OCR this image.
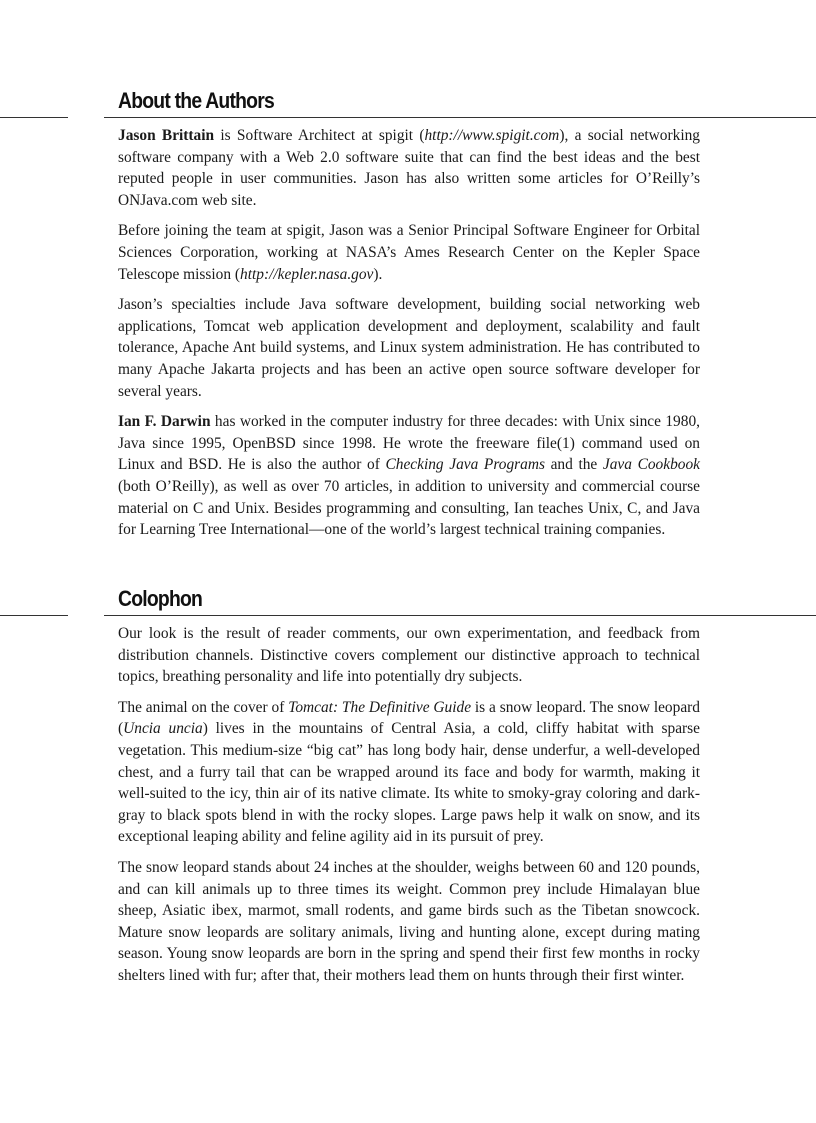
About the Authors

Jason Brittain is Software Architect at spigit (http://www.spigit.com), a social networking software company with a Web 2.0 software suite that can find the best ideas and the best reputed people in user communities. Jason has also written some articles for O’Reilly’s ONJava.com web site.

Before joining the team at spigit, Jason was a Senior Principal Software Engineer for Orbital Sciences Corporation, working at NASA’s Ames Research Center on the Kepler Space Telescope mission (http://kepler.nasa.gov).

Jason’s specialties include Java software development, building social networking web applications, Tomcat web application development and deployment, scalability and fault tolerance, Apache Ant build systems, and Linux system administration. He has contributed to many Apache Jakarta projects and has been an active open source software developer for several years.

Ian F. Darwin has worked in the computer industry for three decades: with Unix since 1980, Java since 1995, OpenBSD since 1998. He wrote the freeware file(1) command used on Linux and BSD. He is also the author of Checking Java Programs and the Java Cookbook (both O’Reilly), as well as over 70 articles, in addition to university and commercial course material on C and Unix. Besides programming and consulting, Ian teaches Unix, C, and Java for Learning Tree International—one of the world’s largest technical training companies.

Colophon

Our look is the result of reader comments, our own experimentation, and feedback from distribution channels. Distinctive covers complement our distinctive approach to technical topics, breathing personality and life into potentially dry subjects.

The animal on the cover of Tomcat: The Definitive Guide is a snow leopard. The snow leopard (Uncia uncia) lives in the mountains of Central Asia, a cold, cliffy habitat with sparse vegetation. This medium-size “big cat” has long body hair, dense underfur, a well-developed chest, and a furry tail that can be wrapped around its face and body for warmth, making it well-suited to the icy, thin air of its native climate. Its white to smoky-gray coloring and dark-gray to black spots blend in with the rocky slopes. Large paws help it walk on snow, and its exceptional leaping ability and feline agility aid in its pursuit of prey.

The snow leopard stands about 24 inches at the shoulder, weighs between 60 and 120 pounds, and can kill animals up to three times its weight. Common prey include Himalayan blue sheep, Asiatic ibex, marmot, small rodents, and game birds such as the Tibetan snowcock. Mature snow leopards are solitary animals, living and hunting alone, except during mating season. Young snow leopards are born in the spring and spend their first few months in rocky shelters lined with fur; after that, their mothers lead them on hunts through their first winter.
